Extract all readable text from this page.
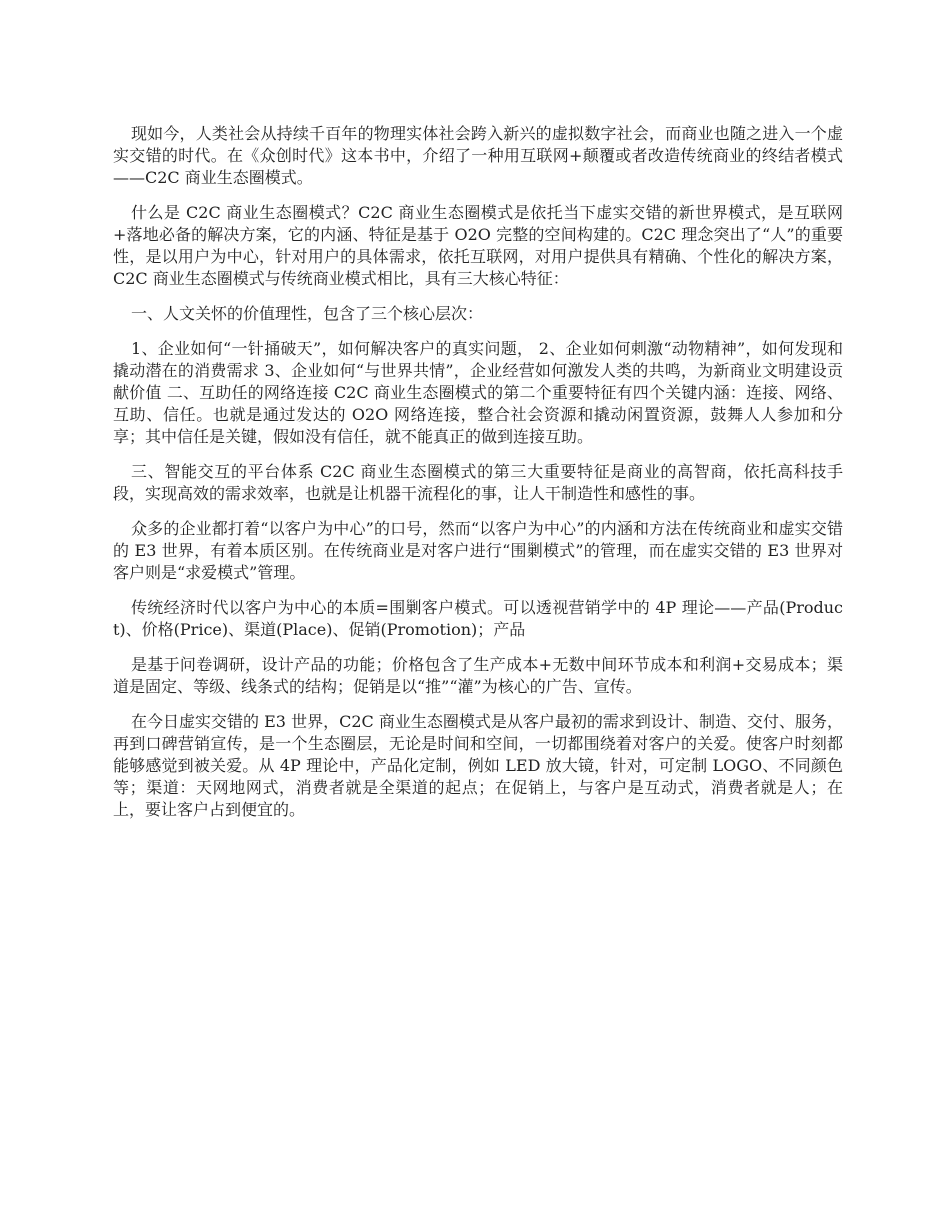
现如今，人类社会从持续千百年的物理实体社会跨入新兴的虚拟数字社会，而商业也随之进入一个虚实交错的时代。在《众创时代》这本书中，介绍了一种用互联网+颠覆或者改造传统商业的终结者模式——C2C 商业生态圈模式。

什么是 C2C 商业生态圈模式？C2C 商业生态圈模式是依托当下虚实交错的新世界模式，是互联网+落地必备的解决方案，它的内涵、特征是基于 O2O 完整的空间构建的。C2C 理念突出了“人”的重要性，是以用户为中心，针对用户的具体需求，依托互联网，对用户提供具有精确、个性化的解决方案， C2C 商业生态圈模式与传统商业模式相比，具有三大核心特征：

一、人文关怀的价值理性，包含了三个核心层次：

1、企业如何“一针捅破天”，如何解决客户的真实问题， 2、企业如何刺激“动物精神”，如何发现和撬动潜在的消费需求 3、企业如何“与世界共情”，企业经营如何激发人类的共鸣，为新商业文明建设贡献价值 二、互助任的网络连接 C2C 商业生态圈模式的第二个重要特征有四个关键内涵：连接、网络、互助、信任。也就是通过发达的 O2O 网络连接，整合社会资源和撬动闲置资源，鼓舞人人参加和分享；其中信任是关键，假如没有信任，就不能真正的做到连接互助。

三、智能交互的平台体系 C2C 商业生态圈模式的第三大重要特征是商业的高智商，依托高科技手段，实现高效的需求效率，也就是让机器干流程化的事，让人干制造性和感性的事。

众多的企业都打着“以客户为中心”的口号，然而“以客户为中心”的内涵和方法在传统商业和虚实交错的 E3 世界，有着本质区别。在传统商业是对客户进行“围剿模式”的管理，而在虚实交错的 E3 世界对客户则是“求爱模式”管理。

传统经济时代以客户为中心的本质=围剿客户模式。可以透视营销学中的 4P 理论——产品(Product)、价格(Price)、渠道(Place)、促销(Promotion)；产品

是基于问卷调研，设计产品的功能；价格包含了生产成本+无数中间环节成本和利润+交易成本；渠道是固定、等级、线条式的结构；促销是以“推”“灌”为核心的广告、宣传。

在今日虚实交错的 E3 世界，C2C 商业生态圈模式是从客户最初的需求到设计、制造、交付、服务，再到口碑营销宣传，是一个生态圈层，无论是时间和空间，一切都围绕着对客户的关爱。使客户时刻都能够感觉到被关爱。从 4P 理论中，产品化定制，例如 LED 放大镜，针对，可定制 LOGO、不同颜色等；渠道：天网地网式，消费者就是全渠道的起点；在促销上，与客户是互动式，消费者就是人；在上，要让客户占到便宜的。
